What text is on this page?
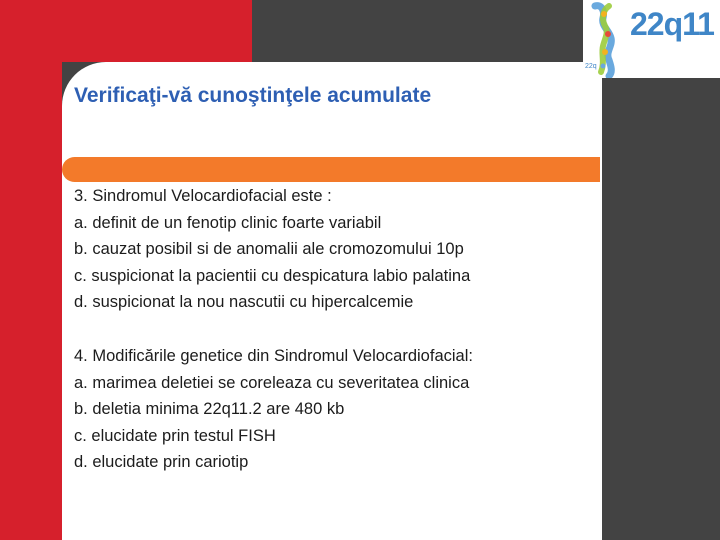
22q
22q11
Verificaţi-vă cunoştinţele acumulate
3. Sindromul Velocardiofacial este :
a. definit de un fenotip clinic foarte variabil
b. cauzat posibil si de anomalii ale cromozomului 10p
c. suspicionat la pacientii cu despicatura labio palatina
d. suspicionat la nou nascutii cu hipercalcemie
4. Modificările genetice din Sindromul Velocardiofacial:
a. marimea deletiei se coreleaza cu severitatea clinica
b. deletia minima 22q11.2 are 480 kb
c. elucidate prin testul FISH
d. elucidate prin cariotip
